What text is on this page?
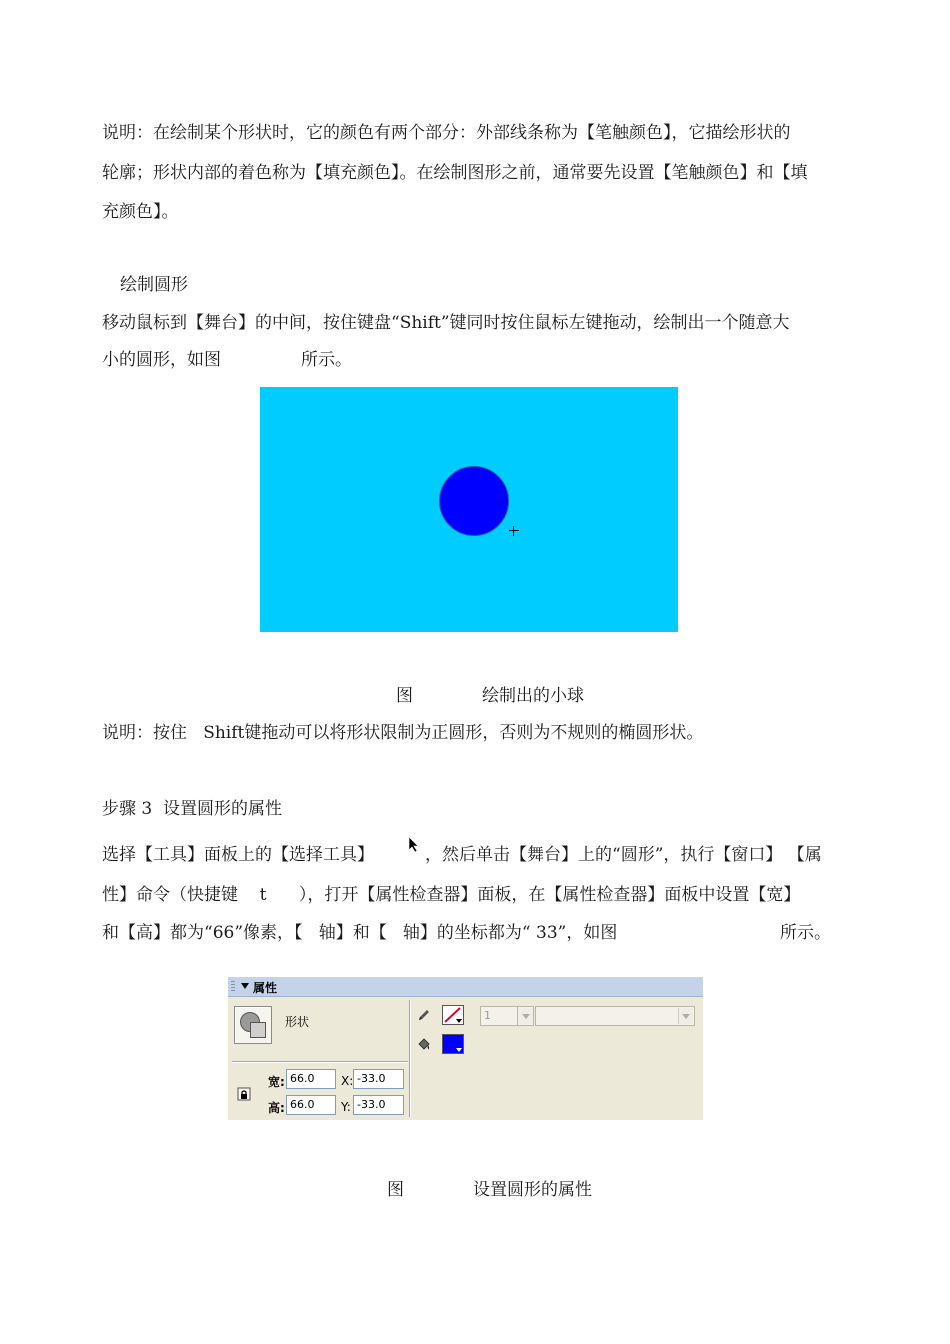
说明：在绘制某个形状时，它的颜色有两个部分：外部线条称为【笔触颜色】，它描绘形状的
轮廓；形状内部的着色称为【填充颜色】。在绘制图形之前，通常要先设置【笔触颜色】和【填
充颜色】。
绘制圆形
移动鼠标到【舞台】的中间，按住键盘“Shift”键同时按住鼠标左键拖动，绘制出一个随意大
小的圆形，如图	所示。
图	绘制出的小球
说明：按住   Shift键拖动可以将形状限制为正圆形，否则为不规则的椭圆形状。
步骤 3  设置圆形的属性
选择【工具】面板上的【选择工具】	，然后单击【舞台】上的“圆形”，执行【窗口】 【属
性】命令（快捷键    t      ），打开【属性检查器】面板，在【属性检查器】面板中设置【宽】
和【高】都为“66”像素，【   轴】和【   轴】的坐标都为“ 33”，如图	所示。
属性
形状	1
宽: 66.0	X: -33.0
高: 66.0	Y: -33.0
图	设置圆形的属性
